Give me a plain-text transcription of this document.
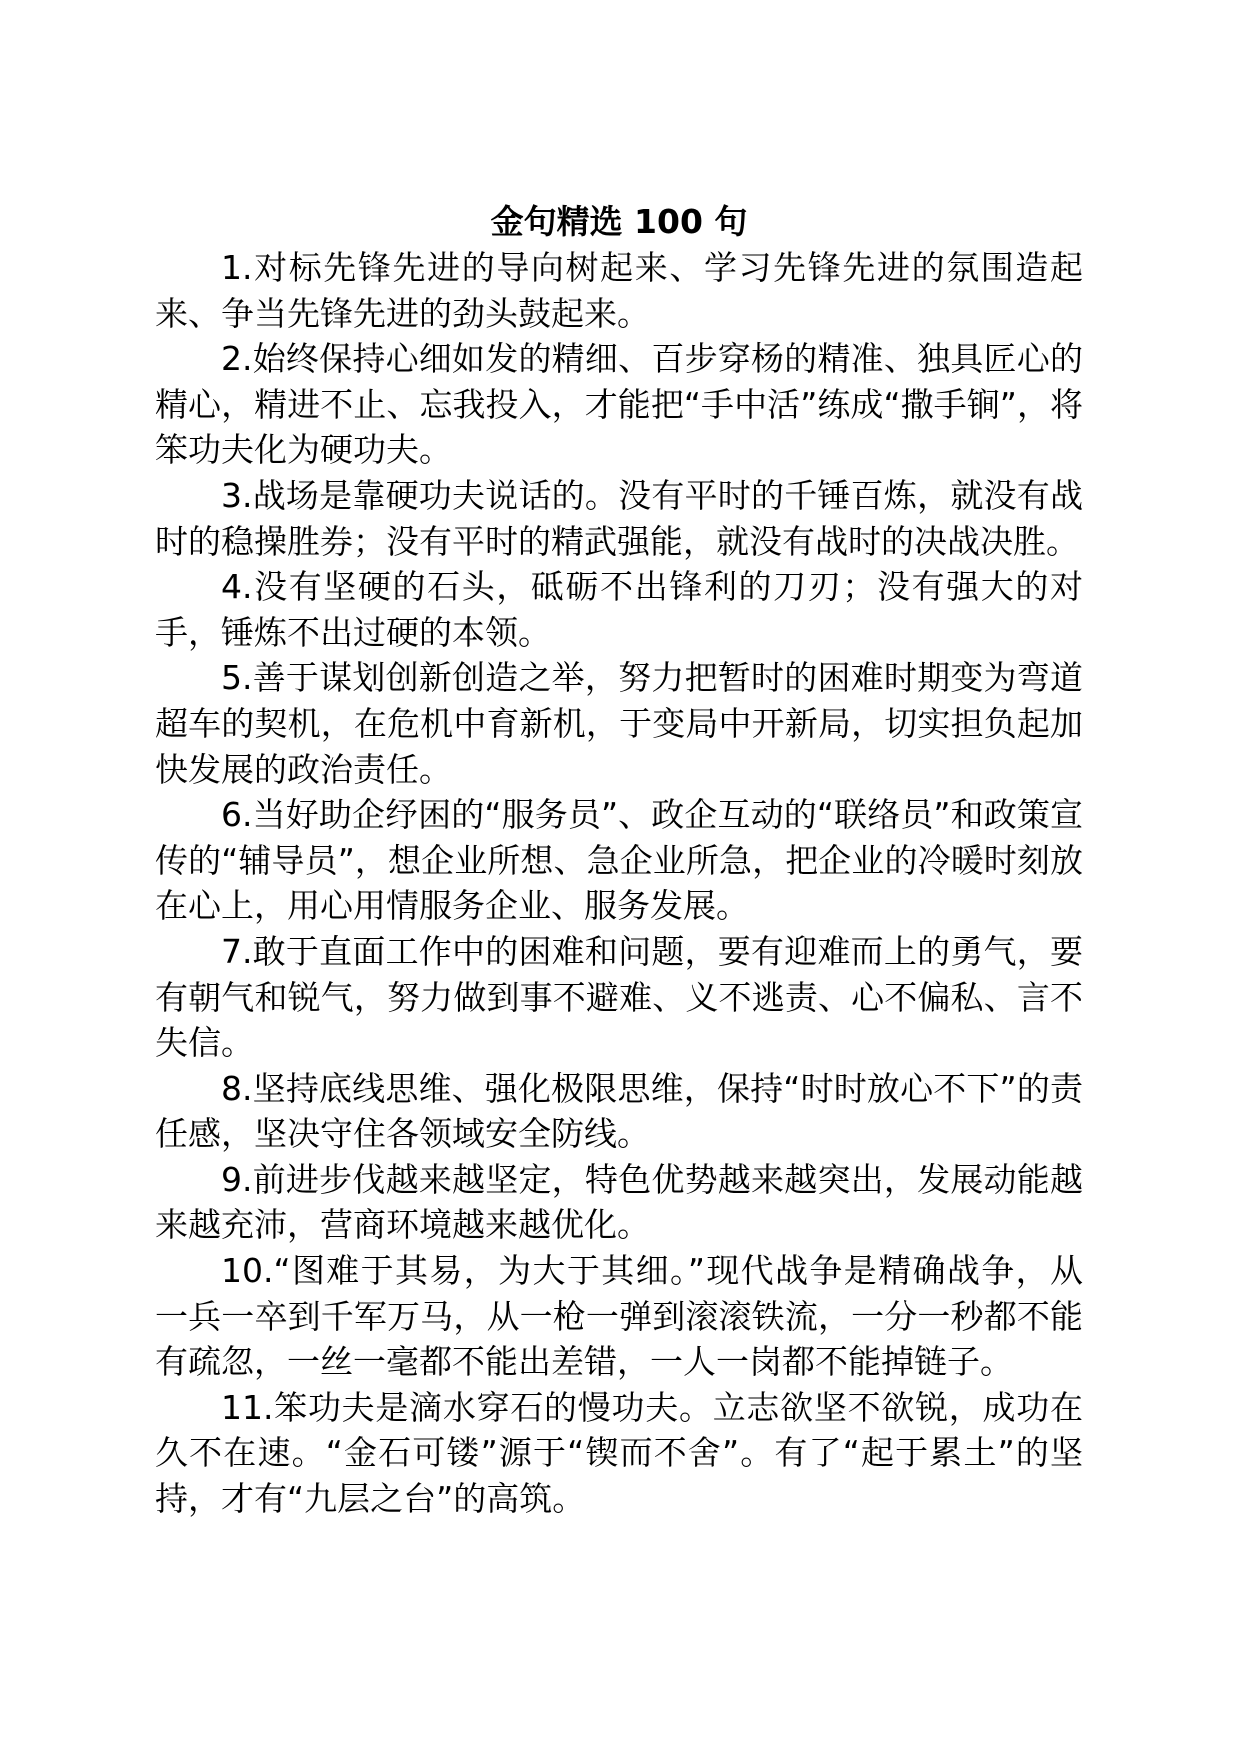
金句精选 100 句

1.对标先锋先进的导向树起来、学习先锋先进的氛围造起来、争当先锋先进的劲头鼓起来。

2.始终保持心细如发的精细、百步穿杨的精准、独具匠心的精心，精进不止、忘我投入，才能把“手中活”练成“撒手锏”，将笨功夫化为硬功夫。

3.战场是靠硬功夫说话的。没有平时的千锤百炼，就没有战时的稳操胜券；没有平时的精武强能，就没有战时的决战决胜。

4.没有坚硬的石头，砥砺不出锋利的刀刃；没有强大的对手，锤炼不出过硬的本领。

5.善于谋划创新创造之举，努力把暂时的困难时期变为弯道超车的契机，在危机中育新机，于变局中开新局，切实担负起加快发展的政治责任。

6.当好助企纾困的“服务员”、政企互动的“联络员”和政策宣传的“辅导员”，想企业所想、急企业所急，把企业的冷暖时刻放在心上，用心用情服务企业、服务发展。

7.敢于直面工作中的困难和问题，要有迎难而上的勇气，要有朝气和锐气，努力做到事不避难、义不逃责、心不偏私、言不失信。

8.坚持底线思维、强化极限思维，保持“时时放心不下”的责任感，坚决守住各领域安全防线。

9.前进步伐越来越坚定，特色优势越来越突出，发展动能越来越充沛，营商环境越来越优化。

10.“图难于其易，为大于其细。”现代战争是精确战争，从一兵一卒到千军万马，从一枪一弹到滚滚铁流，一分一秒都不能有疏忽，一丝一毫都不能出差错，一人一岗都不能掉链子。

11.笨功夫是滴水穿石的慢功夫。立志欲坚不欲锐，成功在久不在速。“金石可镂”源于“锲而不舍”。有了“起于累土”的坚持，才有“九层之台”的高筑。
